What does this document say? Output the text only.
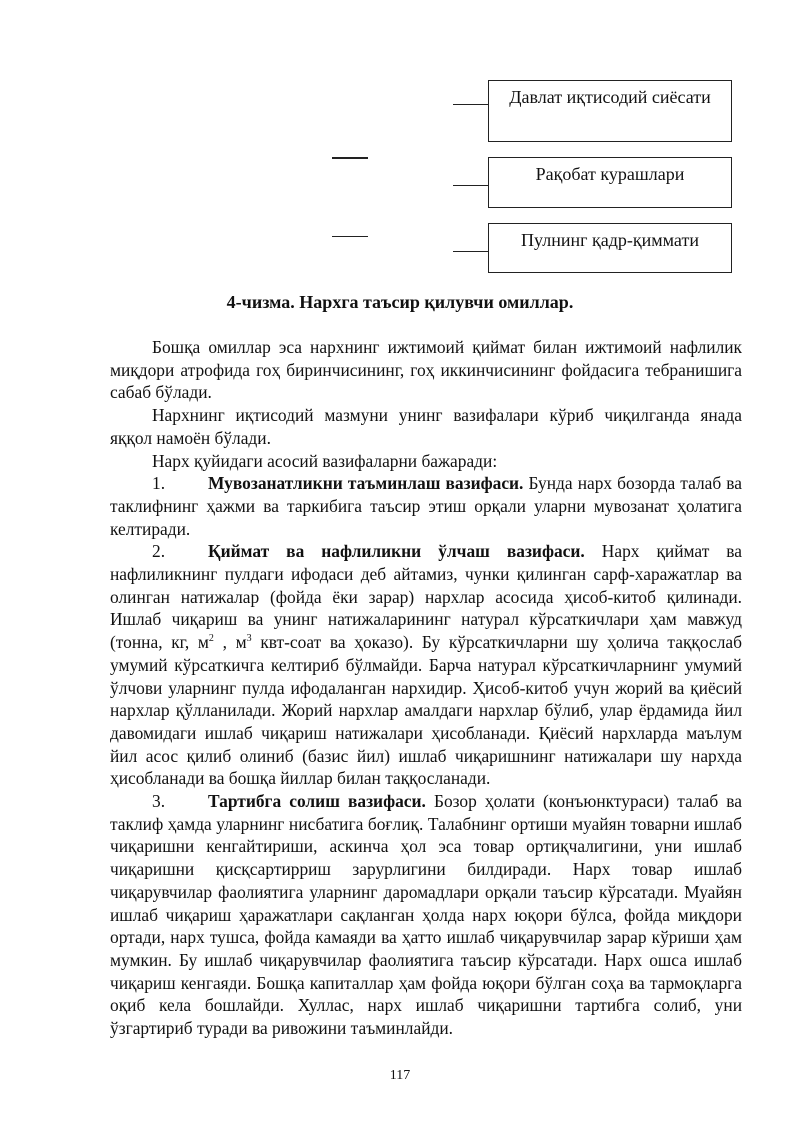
Давлат иқтисодий сиёсати
Рақобат курашлари
Пулнинг қадр-қиммати
4-чизма. Нархга таъсир қилувчи омиллар.

Бошқа омиллар эса нархнинг ижтимоий қиймат билан ижтимоий нафлилик миқдори атрофида гоҳ биринчисининг, гоҳ иккинчисининг фойдасига тебранишига сабаб бўлади.

Нархнинг иқтисодий мазмуни унинг вазифалари кўриб чиқилганда янада яққол намоён бўлади.

Нарх қуйидаги асосий вазифаларни бажаради:

1. Мувозанатликни таъминлаш вазифаси. Бунда нарх бозорда талаб ва таклифнинг ҳажми ва таркибига таъсир этиш орқали уларни мувозанат ҳолатига келтиради.

2. Қиймат ва нафлиликни ўлчаш вазифаси. Нарх қиймат ва нафлиликнинг пулдаги ифодаси деб айтамиз, чунки қилинган сарф-харажатлар ва олинган натижалар (фойда ёки зарар) нархлар асосида ҳисоб-китоб қилинади. Ишлаб чиқариш ва унинг натижаларининг натурал кўрсаткичлари ҳам мавжуд (тонна, кг, $м^2$ , $м^3$ квт-соат ва ҳоказо). Бу кўрсаткичларни шу ҳолича таққослаб умумий кўрсаткичга келтириб бўлмайди. Барча натурал кўрсаткичларнинг умумий ўлчови уларнинг пулда ифодаланган нархидир. Ҳисоб-китоб учун жорий ва қиёсий нархлар қўлланилади. Жорий нархлар амалдаги нархлар бўлиб, улар ёрдамида йил давомидаги ишлаб чиқариш натижалари ҳисобланади. Қиёсий нархларда маълум йил асос қилиб олиниб (базис йил) ишлаб чиқаришнинг натижалари шу нархда ҳисобланади ва бошқа йиллар билан таққосланади.

3. Тартибга солиш вазифаси. Бозор ҳолати (конъюнктураси) талаб ва таклиф ҳамда уларнинг нисбатига боғлиқ. Талабнинг ортиши муайян товарни ишлаб чиқаришни кенгайтириши, аскинча ҳол эса товар ортиқчалигини, уни ишлаб чиқаришни қисқсартирриш зарурлигини билдиради. Нарх товар ишлаб чиқарувчилар фаолиятига уларнинг даромадлари орқали таъсир кўрсатади. Муайян ишлаб чиқариш ҳаражатлари сақланган ҳолда нарх юқори бўлса, фойда миқдори ортади, нарх тушса, фойда камаяди ва ҳатто ишлаб чиқарувчилар зарар кўриши ҳам мумкин. Бу ишлаб чиқарувчилар фаолиятига таъсир кўрсатади. Нарх ошса ишлаб чиқариш кенгаяди. Бошқа капиталлар ҳам фойда юқори бўлган соҳа ва тармоқларга оқиб кела бошлайди. Хуллас, нарх ишлаб чиқаришни тартибга солиб, уни ўзгартириб туради ва ривожини таъминлайди.

117
